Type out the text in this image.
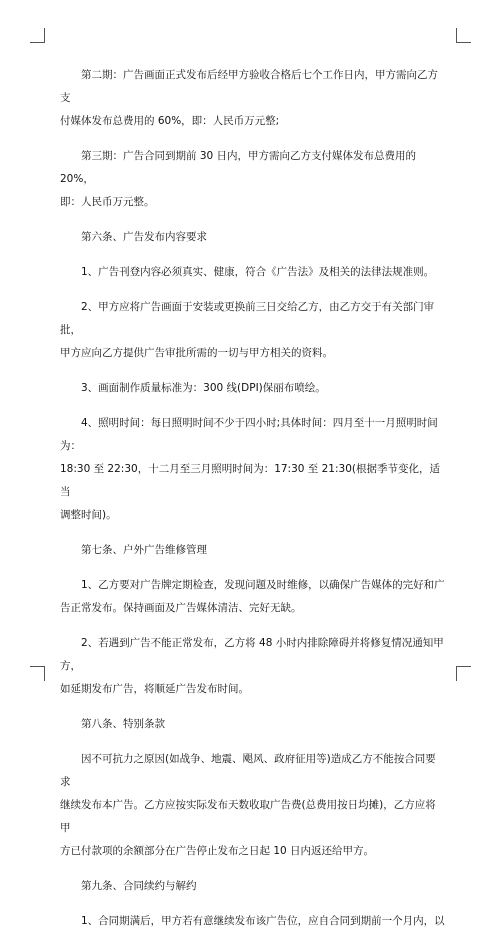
第二期：广告画面正式发布后经甲方验收合格后七个工作日内，甲方需向乙方支
付媒体发布总费用的 60%，即：人民币万元整;

第三期：广告合同到期前 30 日内，甲方需向乙方支付媒体发布总费用的 20%，
即：人民币万元整。

第六条、广告发布内容要求

1、广告刊登内容必须真实、健康，符合《广告法》及相关的法律法规准则。

2、甲方应将广告画面于安装或更换前三日交给乙方，由乙方交于有关部门审批，
甲方应向乙方提供广告审批所需的一切与甲方相关的资料。

3、画面制作质量标准为：300 线(DPI)保丽布喷绘。

4、照明时间：每日照明时间不少于四小时;具体时间：四月至十一月照明时间为：
18:30 至 22:30，十二月至三月照明时间为：17:30 至 21:30(根据季节变化，适当
调整时间)。

第七条、户外广告维修管理

1、乙方要对广告牌定期检查，发现问题及时维修，以确保广告媒体的完好和广
告正常发布。保持画面及广告媒体清洁、完好无缺。

2、若遇到广告不能正常发布，乙方将 48 小时内排除障碍并将修复情况通知甲方，
如延期发布广告，将顺延广告发布时间。

第八条、特别条款

因不可抗力之原因(如战争、地震、飓风、政府征用等)造成乙方不能按合同要求
继续发布本广告。乙方应按实际发布天数收取广告费(总费用按日均摊)，乙方应将甲
方已付款项的余额部分在广告停止发布之日起 10 日内返还给甲方。

第九条、合同续约与解约

1、合同期满后，甲方若有意继续发布该广告位，应自合同到期前一个月内，以
